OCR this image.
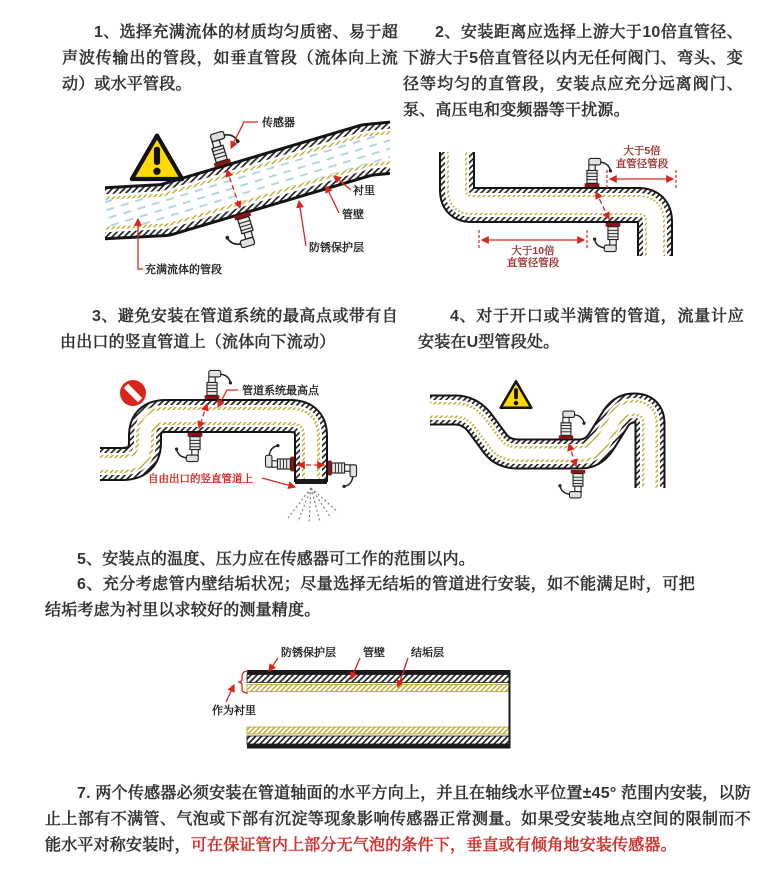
1、选择充满流体的材质均匀质密、易于超声波传输出的管段，如垂直管段（流体向上流动）或水平管段。

2、安装距离应选择上游大于10倍直管径、下游大于5倍直管径以内无任何阀门、弯头、变径等均匀的直管段，安装点应充分远离阀门、泵、高压电和变频器等干扰源。

3、避免安装在管道系统的最高点或带有自由出口的竖直管道上（流体向下流动）

4、对于开口或半满管的管道，流量计应安装在U型管段处。

5、安装点的温度、压力应在传感器可工作的范围以内。

6、充分考虑管内壁结垢状况；尽量选择无结垢的管道进行安装，如不能满足时，可把结垢考虑为衬里以求较好的测量精度。

7. 两个传感器必须安装在管道轴面的水平方向上，并且在轴线水平位置±45° 范围内安装，以防止上部有不满管、气泡或下部有沉淀等现象影响传感器正常测量。如果受安装地点空间的限制而不能水平对称安装时，可在保证管内上部分无气泡的条件下，垂直或有倾角地安装传感器。

传感器
衬里
管壁
防锈保护层
充满流体的管段
大于5倍
直管径管段
大于10倍
直管径管段
管道系统最高点
自由出口的竖直管道上
防锈保护层 管壁 结垢层
作为衬里
